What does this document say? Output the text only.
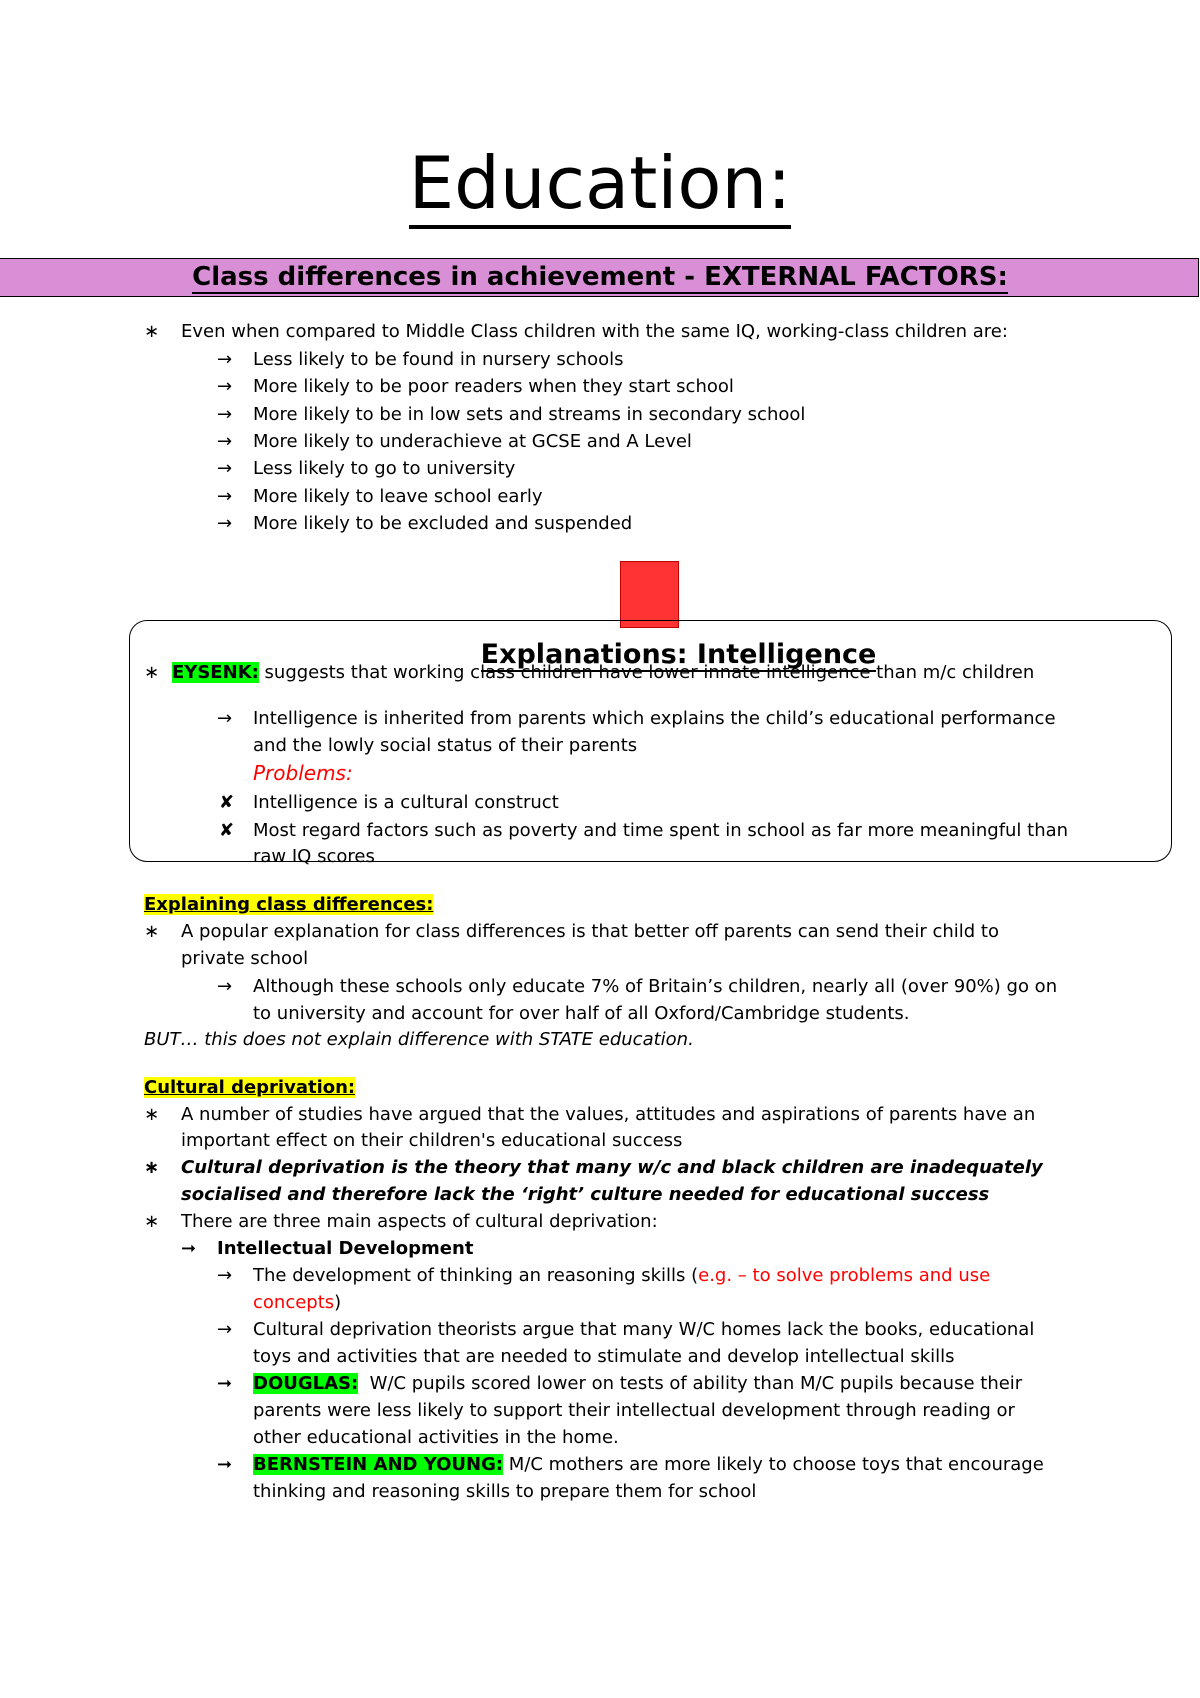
Education:
Class differences in achievement - EXTERNAL FACTORS:
∗ Even when compared to Middle Class children with the same IQ, working-class children are:
→ Less likely to be found in nursery schools
→ More likely to be poor readers when they start school
→ More likely to be in low sets and streams in secondary school
→ More likely to underachieve at GCSE and A Level
→ Less likely to go to university
→ More likely to leave school early
→ More likely to be excluded and suspended
Explanations: Intelligence
∗ EYSENK: suggests that working class children have lower innate intelligence than m/c children
→ Intelligence is inherited from parents which explains the child’s educational performance
and the lowly social status of their parents
Problems:
✘ Intelligence is a cultural construct
✘ Most regard factors such as poverty and time spent in school as far more meaningful than
raw IQ scores
Explaining class differences:
∗ A popular explanation for class differences is that better off parents can send their child to
private school
→ Although these schools only educate 7% of Britain’s children, nearly all (over 90%) go on
to university and account for over half of all Oxford/Cambridge students.
BUT… this does not explain difference with STATE education.
Cultural deprivation:
∗ A number of studies have argued that the values, attitudes and aspirations of parents have an
important effect on their children's educational success
∗ Cultural deprivation is the theory that many w/c and black children are inadequately
socialised and therefore lack the ‘right’ culture needed for educational success
∗ There are three main aspects of cultural deprivation:
➞ Intellectual Development
→ The development of thinking an reasoning skills (e.g. – to solve problems and use
concepts)
→ Cultural deprivation theorists argue that many W/C homes lack the books, educational
toys and activities that are needed to stimulate and develop intellectual skills
➞ DOUGLAS:  W/C pupils scored lower on tests of ability than M/C pupils because their
parents were less likely to support their intellectual development through reading or
other educational activities in the home.
➞ BERNSTEIN AND YOUNG: M/C mothers are more likely to choose toys that encourage
thinking and reasoning skills to prepare them for school
